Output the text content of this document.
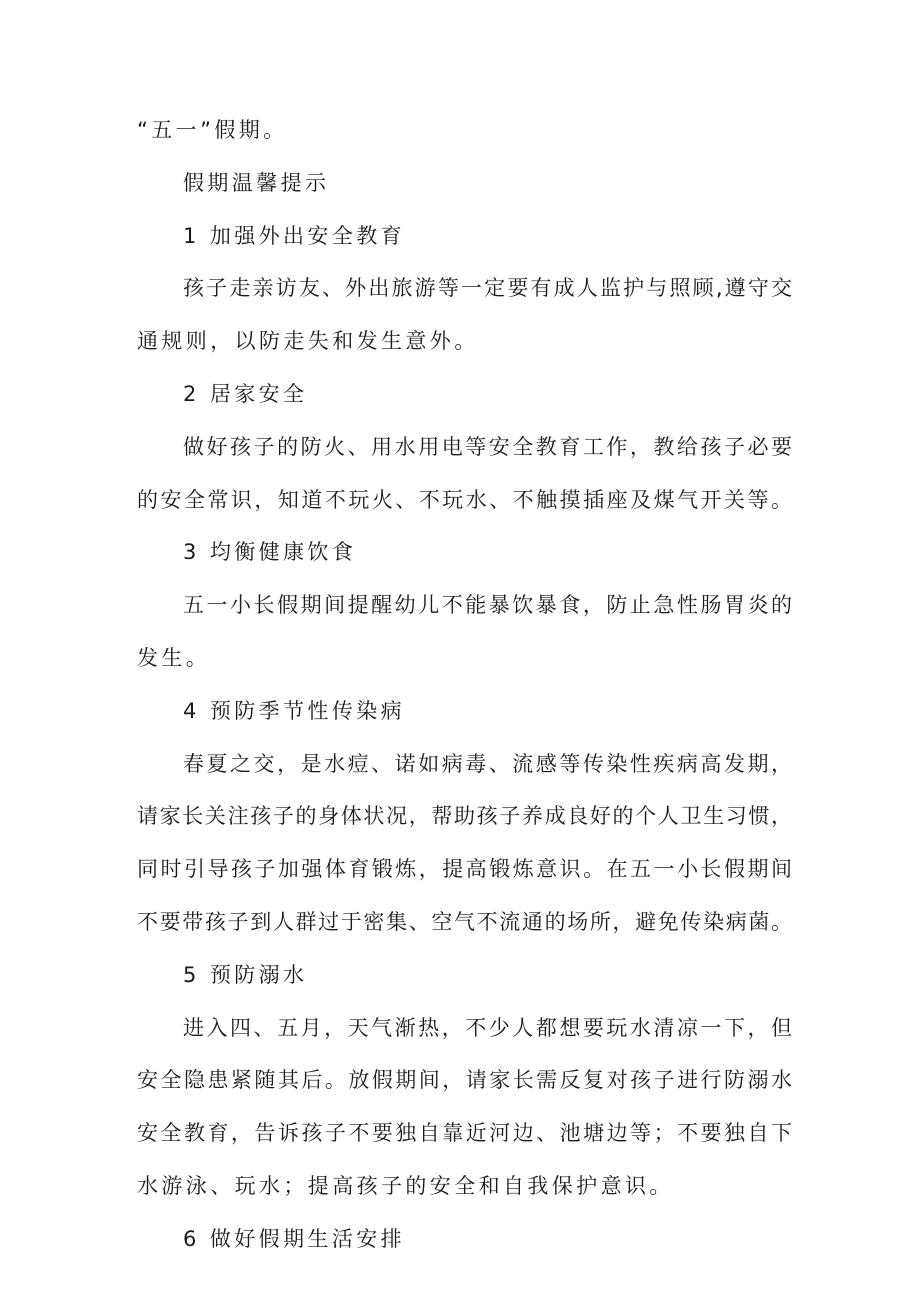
“五一”假期。
假期温馨提示
1 加强外出安全教育
孩子走亲访友、外出旅游等一定要有成人监护与照顾,遵守交
通规则，以防走失和发生意外。
2 居家安全
做好孩子的防火、用水用电等安全教育工作，教给孩子必要
的安全常识，知道不玩火、不玩水、不触摸插座及煤气开关等。
3 均衡健康饮食
五一小长假期间提醒幼儿不能暴饮暴食，防止急性肠胃炎的
发生。
4 预防季节性传染病
春夏之交，是水痘、诺如病毒、流感等传染性疾病高发期，
请家长关注孩子的身体状况，帮助孩子养成良好的个人卫生习惯，
同时引导孩子加强体育锻炼，提高锻炼意识。在五一小长假期间
不要带孩子到人群过于密集、空气不流通的场所，避免传染病菌。
5 预防溺水
进入四、五月，天气渐热，不少人都想要玩水清凉一下，但
安全隐患紧随其后。放假期间，请家长需反复对孩子进行防溺水
安全教育，告诉孩子不要独自靠近河边、池塘边等；不要独自下
水游泳、玩水；提高孩子的安全和自我保护意识。
6 做好假期生活安排
